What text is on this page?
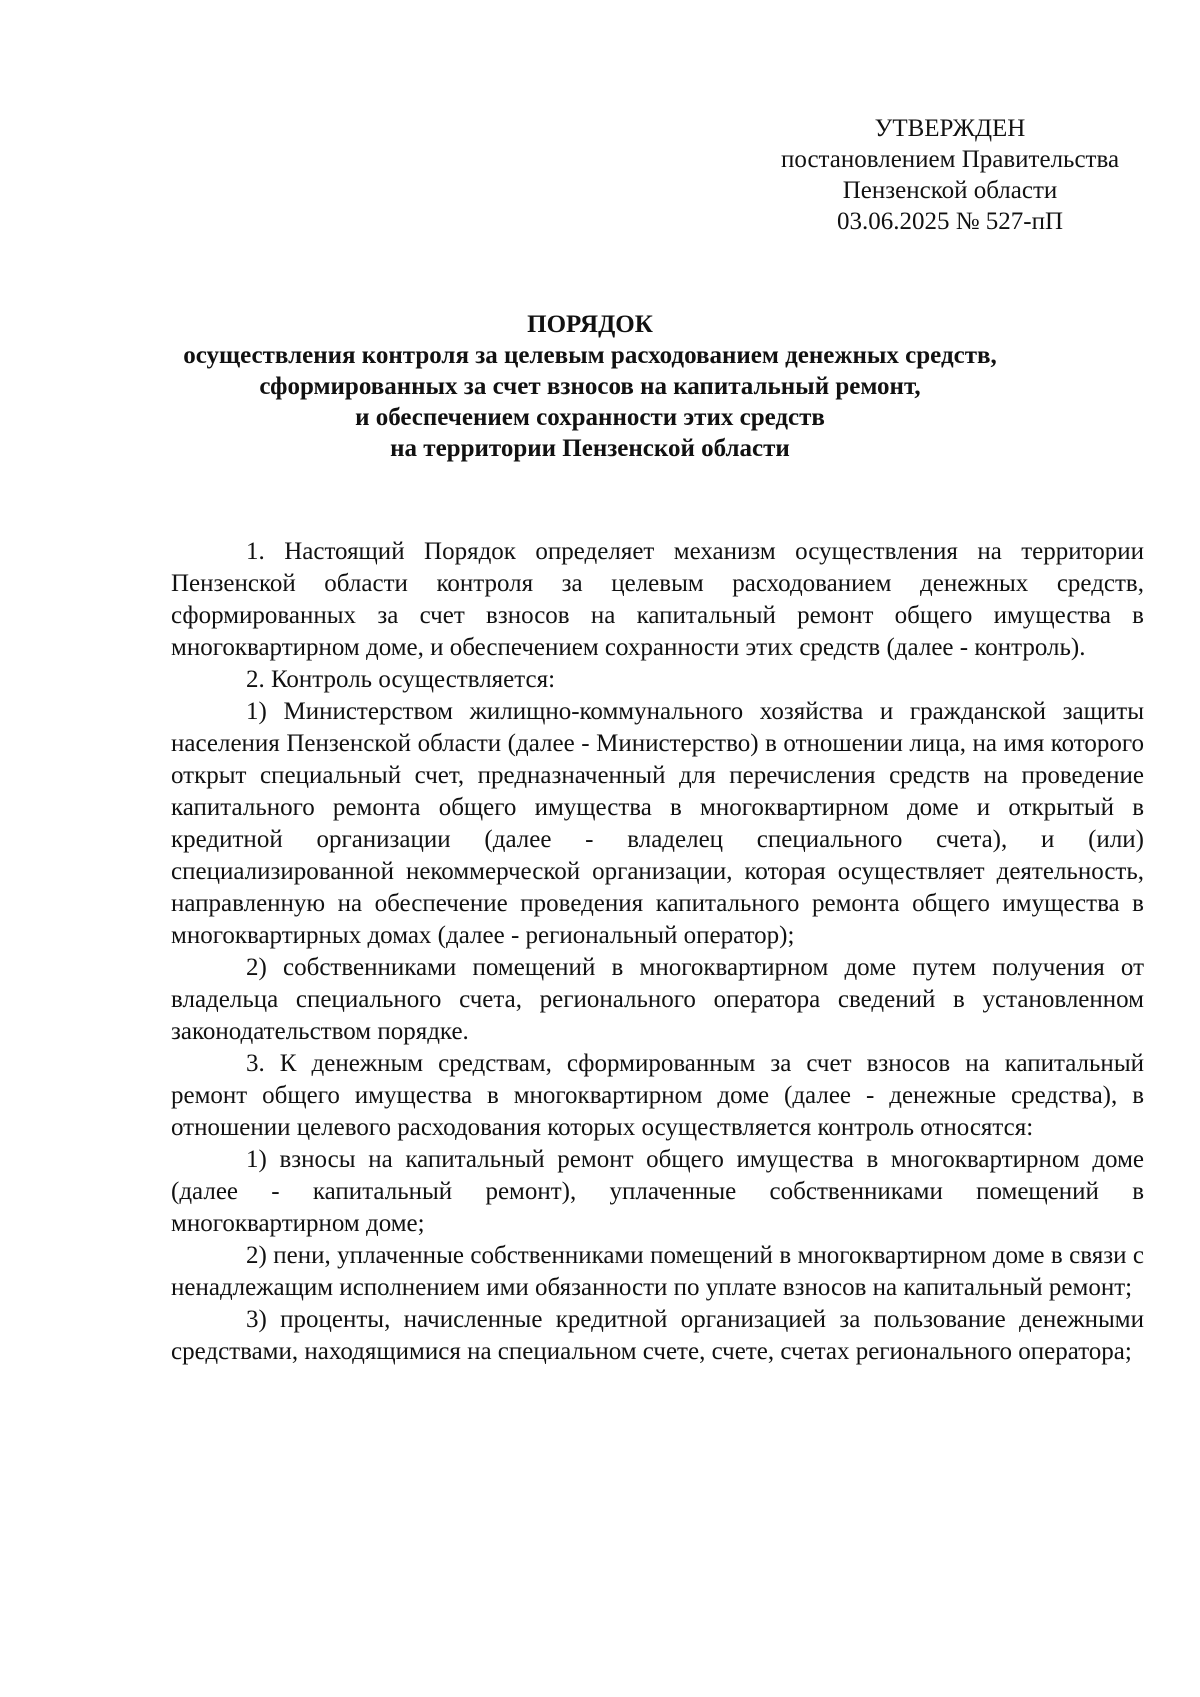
УТВЕРЖДЕН
постановлением Правительства
Пензенской области
03.06.2025 № 527-пП
ПОРЯДОК
осуществления контроля за целевым расходованием денежных средств,
сформированных за счет взносов на капитальный ремонт,
и обеспечением сохранности этих средств
на территории Пензенской области

1. Настоящий Порядок определяет механизм осуществления на территории Пензенской области контроля за целевым расходованием денежных средств, сформированных за счет взносов на капитальный ремонт общего имущества в многоквартирном доме, и обеспечением сохранности этих средств (далее - контроль).

2. Контроль осуществляется:

1) Министерством жилищно-коммунального хозяйства и гражданской защиты населения Пензенской области (далее - Министерство) в отношении лица, на имя которого открыт специальный счет, предназначенный для перечисления средств на проведение капитального ремонта общего имущества в многоквартирном доме и открытый в кредитной организации (далее - владелец специального счета), и (или) специализированной некоммерческой организации, которая осуществляет деятельность, направленную на обеспечение проведения капитального ремонта общего имущества в многоквартирных домах (далее - региональный оператор);

2) собственниками помещений в многоквартирном доме путем получения от владельца специального счета, регионального оператора сведений в установленном законодательством порядке.

3. К денежным средствам, сформированным за счет взносов на капитальный ремонт общего имущества в многоквартирном доме (далее - денежные средства), в отношении целевого расходования которых осуществляется контроль относятся:

1) взносы на капитальный ремонт общего имущества в многоквартирном доме (далее - капитальный ремонт), уплаченные собственниками помещений в многоквартирном доме;

2) пени, уплаченные собственниками помещений в многоквартирном доме в связи с ненадлежащим исполнением ими обязанности по уплате взносов на капитальный ремонт;

3) проценты, начисленные кредитной организацией за пользование денежными средствами, находящимися на специальном счете, счете, счетах регионального оператора;
